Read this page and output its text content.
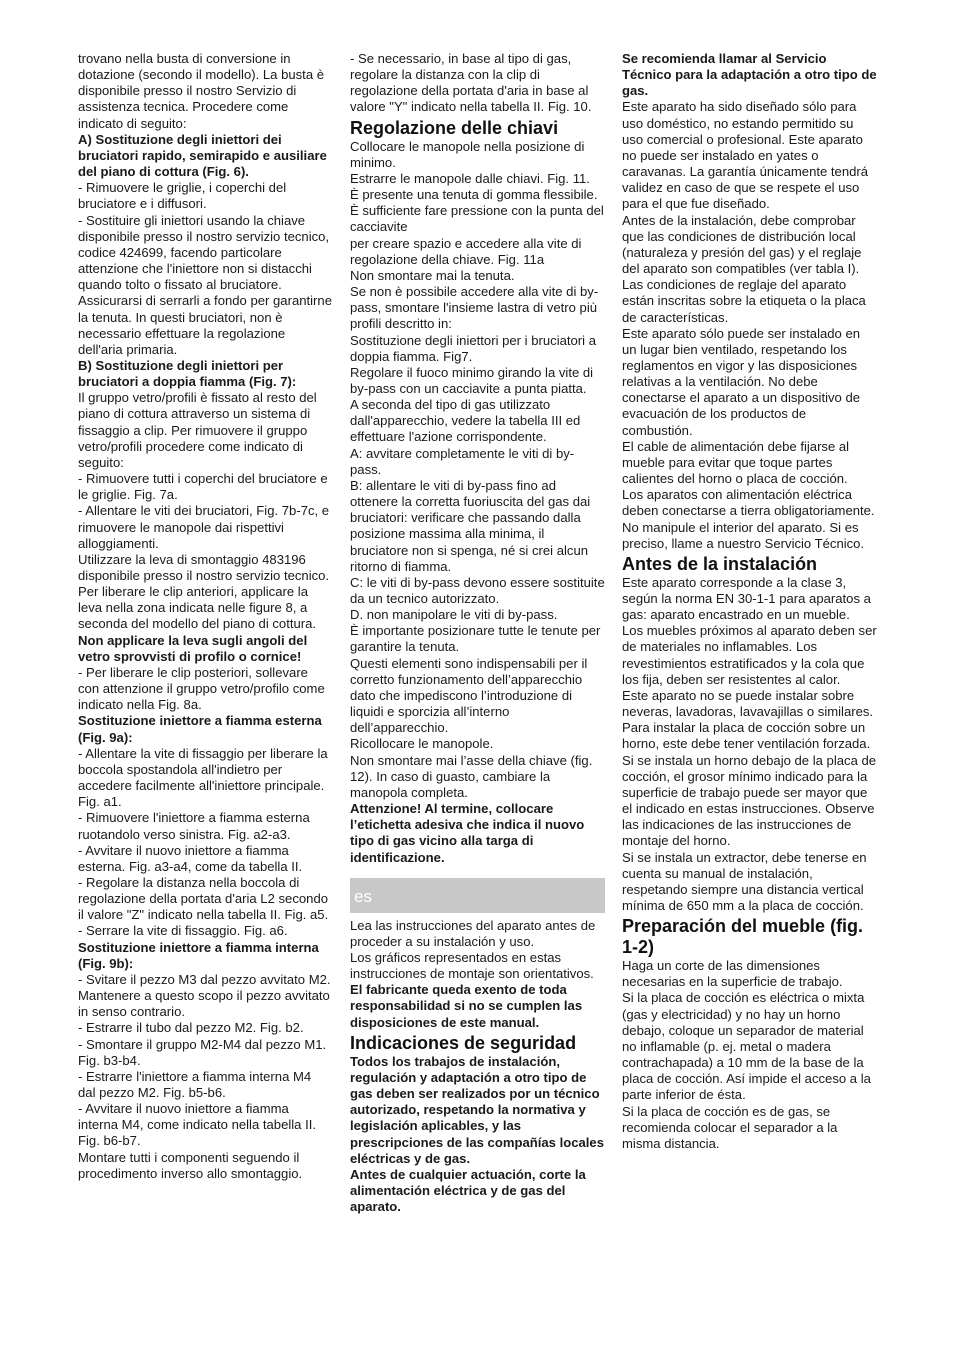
trovano nella busta di conversione in dotazione (secondo il modello). La busta è disponibile presso il nostro Servizio di assistenza tecnica. Procedere come indicato di seguito:

A) Sostituzione degli iniettori dei bruciatori rapido, semirapido e ausiliare del piano di cottura (Fig. 6).

- Rimuovere le griglie, i coperchi del bruciatore e i diffusori.

- Sostituire gli iniettori usando la chiave disponibile presso il nostro servizio tecnico, codice 424699, facendo particolare attenzione che l'iniettore non si distacchi quando tolto o fissato al bruciatore.

Assicurarsi di serrarli a fondo per garantirne la tenuta. In questi bruciatori, non è necessario effettuare la regolazione dell'aria primaria.

B) Sostituzione degli iniettori per bruciatori a doppia fiamma (Fig. 7):

Il gruppo vetro/profili è fissato al resto del piano di cottura attraverso un sistema di fissaggio a clip. Per rimuovere il gruppo vetro/profili procedere come indicato di seguito:

- Rimuovere tutti i coperchi del bruciatore e le griglie. Fig. 7a.

- Allentare le viti dei bruciatori, Fig. 7b-7c, e rimuovere le manopole dai rispettivi alloggiamenti.

Utilizzare la leva di smontaggio 483196 disponibile presso il nostro servizio tecnico. Per liberare le clip anteriori, applicare la leva nella zona indicata nelle figure 8, a seconda del modello del piano di cottura.

Non applicare la leva sugli angoli del vetro sprovvisti di profilo o cornice!

- Per liberare le clip posteriori, sollevare con attenzione il gruppo vetro/profilo come indicato nella Fig. 8a.

Sostituzione iniettore a fiamma esterna (Fig. 9a):

- Allentare la vite di fissaggio per liberare la boccola spostandola all'indietro per accedere facilmente all'iniettore principale. Fig. a1.

- Rimuovere l'iniettore a fiamma esterna ruotandolo verso sinistra. Fig. a2-a3.

- Avvitare il nuovo iniettore a fiamma esterna. Fig. a3-a4, come da tabella II.

- Regolare la distanza nella boccola di regolazione della portata d'aria L2 secondo il valore "Z" indicato nella tabella II. Fig. a5.

- Serrare la vite di fissaggio. Fig. a6.

Sostituzione iniettore a fiamma interna (Fig. 9b):

- Svitare il pezzo M3 dal pezzo avvitato M2. Mantenere a questo scopo il pezzo avvitato in senso contrario.

- Estrarre il tubo dal pezzo M2. Fig. b2.

- Smontare il gruppo M2-M4 dal pezzo M1. Fig. b3-b4.

- Estrarre l'iniettore a fiamma interna M4 dal pezzo M2. Fig. b5-b6.

- Avvitare il nuovo iniettore a fiamma interna M4, come indicato nella tabella II. Fig. b6-b7.

Montare tutti i componenti seguendo il procedimento inverso allo smontaggio.

- Se necessario, in base al tipo di gas, regolare la distanza con la clip di regolazione della portata d'aria in base al valore "Y" indicato nella tabella II. Fig. 10.

Regolazione delle chiavi

Collocare le manopole nella posizione di minimo.

Estrarre le manopole dalle chiavi. Fig. 11.

È presente una tenuta di gomma flessibile.

È sufficiente fare pressione con la punta del cacciavite

per creare spazio e accedere alla vite di regolazione della chiave. Fig. 11a

Non smontare mai la tenuta.

Se non è possibile accedere alla vite di by-pass, smontare l'insieme lastra di vetro più profili descritto in:

Sostituzione degli iniettori per i bruciatori a doppia fiamma. Fig7.

Regolare il fuoco minimo girando la vite di by-pass con un cacciavite a punta piatta.

A seconda del tipo di gas utilizzato dall'apparecchio, vedere la tabella III ed effettuare l'azione corrispondente.

A: avvitare completamente le viti di by-pass.

B: allentare le viti di by-pass fino ad ottenere la corretta fuoriuscita del gas dai bruciatori: verificare che passando dalla posizione massima alla minima, il bruciatore non si spenga, né si crei alcun ritorno di fiamma.

C: le viti di by-pass devono essere sostituite da un tecnico autorizzato.

D. non manipolare le viti di by-pass.

È importante posizionare tutte le tenute per garantire la tenuta.

Questi elementi sono indispensabili per il corretto funzionamento dell’apparecchio dato che impediscono l’introduzione di liquidi e sporcizia all’interno dell’apparecchio.

Ricollocare le manopole.

Non smontare mai l’asse della chiave (fig. 12). In caso di guasto, cambiare la manopola completa.

Attenzione! Al termine, collocare l’etichetta adesiva che indica il nuovo tipo di gas vicino alla targa di identificazione.

es

Lea las instrucciones del aparato antes de proceder a su instalación y uso.

Los gráficos representados en estas instrucciones de montaje son orientativos.

El fabricante queda exento de toda responsabilidad si no se cumplen las disposiciones de este manual.

Indicaciones de seguridad

Todos los trabajos de instalación, regulación y adaptación a otro tipo de gas deben ser realizados por un técnico autorizado, respetando la normativa y legislación aplicables, y las prescripciones de las compañías locales eléctricas y de gas.

Antes de cualquier actuación, corte la alimentación eléctrica y de gas del aparato.

Se recomienda llamar al Servicio Técnico para la adaptación a otro tipo de gas.

Este aparato ha sido diseñado sólo para uso doméstico, no estando permitido su uso comercial o profesional. Este aparato no puede ser instalado en yates o caravanas. La garantía únicamente tendrá validez en caso de que se respete el uso para el que fue diseñado.

Antes de la instalación, debe comprobar que las condiciones de distribución local (naturaleza y presión del gas) y el reglaje del aparato son compatibles (ver tabla I). Las condiciones de reglaje del aparato están inscritas sobre la etiqueta o la placa de características.

Este aparato sólo puede ser instalado en un lugar bien ventilado, respetando los reglamentos en vigor y las disposiciones relativas a la ventilación. No debe conectarse el aparato a un dispositivo de evacuación de los productos de combustión.

El cable de alimentación debe fijarse al mueble para evitar que toque partes calientes del horno o placa de cocción.

Los aparatos con alimentación eléctrica deben conectarse a tierra obligatoriamente.

No manipule el interior del aparato. Si es preciso, llame a nuestro Servicio Técnico.

Antes de la instalación

Este aparato corresponde a la clase 3, según la norma EN 30-1-1 para aparatos a gas: aparato encastrado en un mueble.

Los muebles próximos al aparato deben ser de materiales no inflamables. Los revestimientos estratificados y la cola que los fija, deben ser resistentes al calor.

Este aparato no se puede instalar sobre neveras, lavadoras, lavavajillas o similares.

Para instalar la placa de cocción sobre un horno, este debe tener ventilación forzada.

Si se instala un horno debajo de la placa de cocción, el grosor mínimo indicado para la superficie de trabajo puede ser mayor que el indicado en estas instrucciones. Observe las indicaciones de las instrucciones de montaje del horno.

Si se instala un extractor, debe tenerse en cuenta su manual de instalación, respetando siempre una distancia vertical mínima de 650 mm a la placa de cocción.

Preparación del mueble (fig. 1-2)

Haga un corte de las dimensiones necesarias en la superficie de trabajo.

Si la placa de cocción es eléctrica o mixta (gas y electricidad) y no hay un horno debajo, coloque un separador de material no inflamable (p. ej. metal o madera contrachapada) a 10 mm de la base de la placa de cocción. Así impide el acceso a la parte inferior de ésta.

Si la placa de cocción es de gas, se recomienda colocar el separador a la misma distancia.
